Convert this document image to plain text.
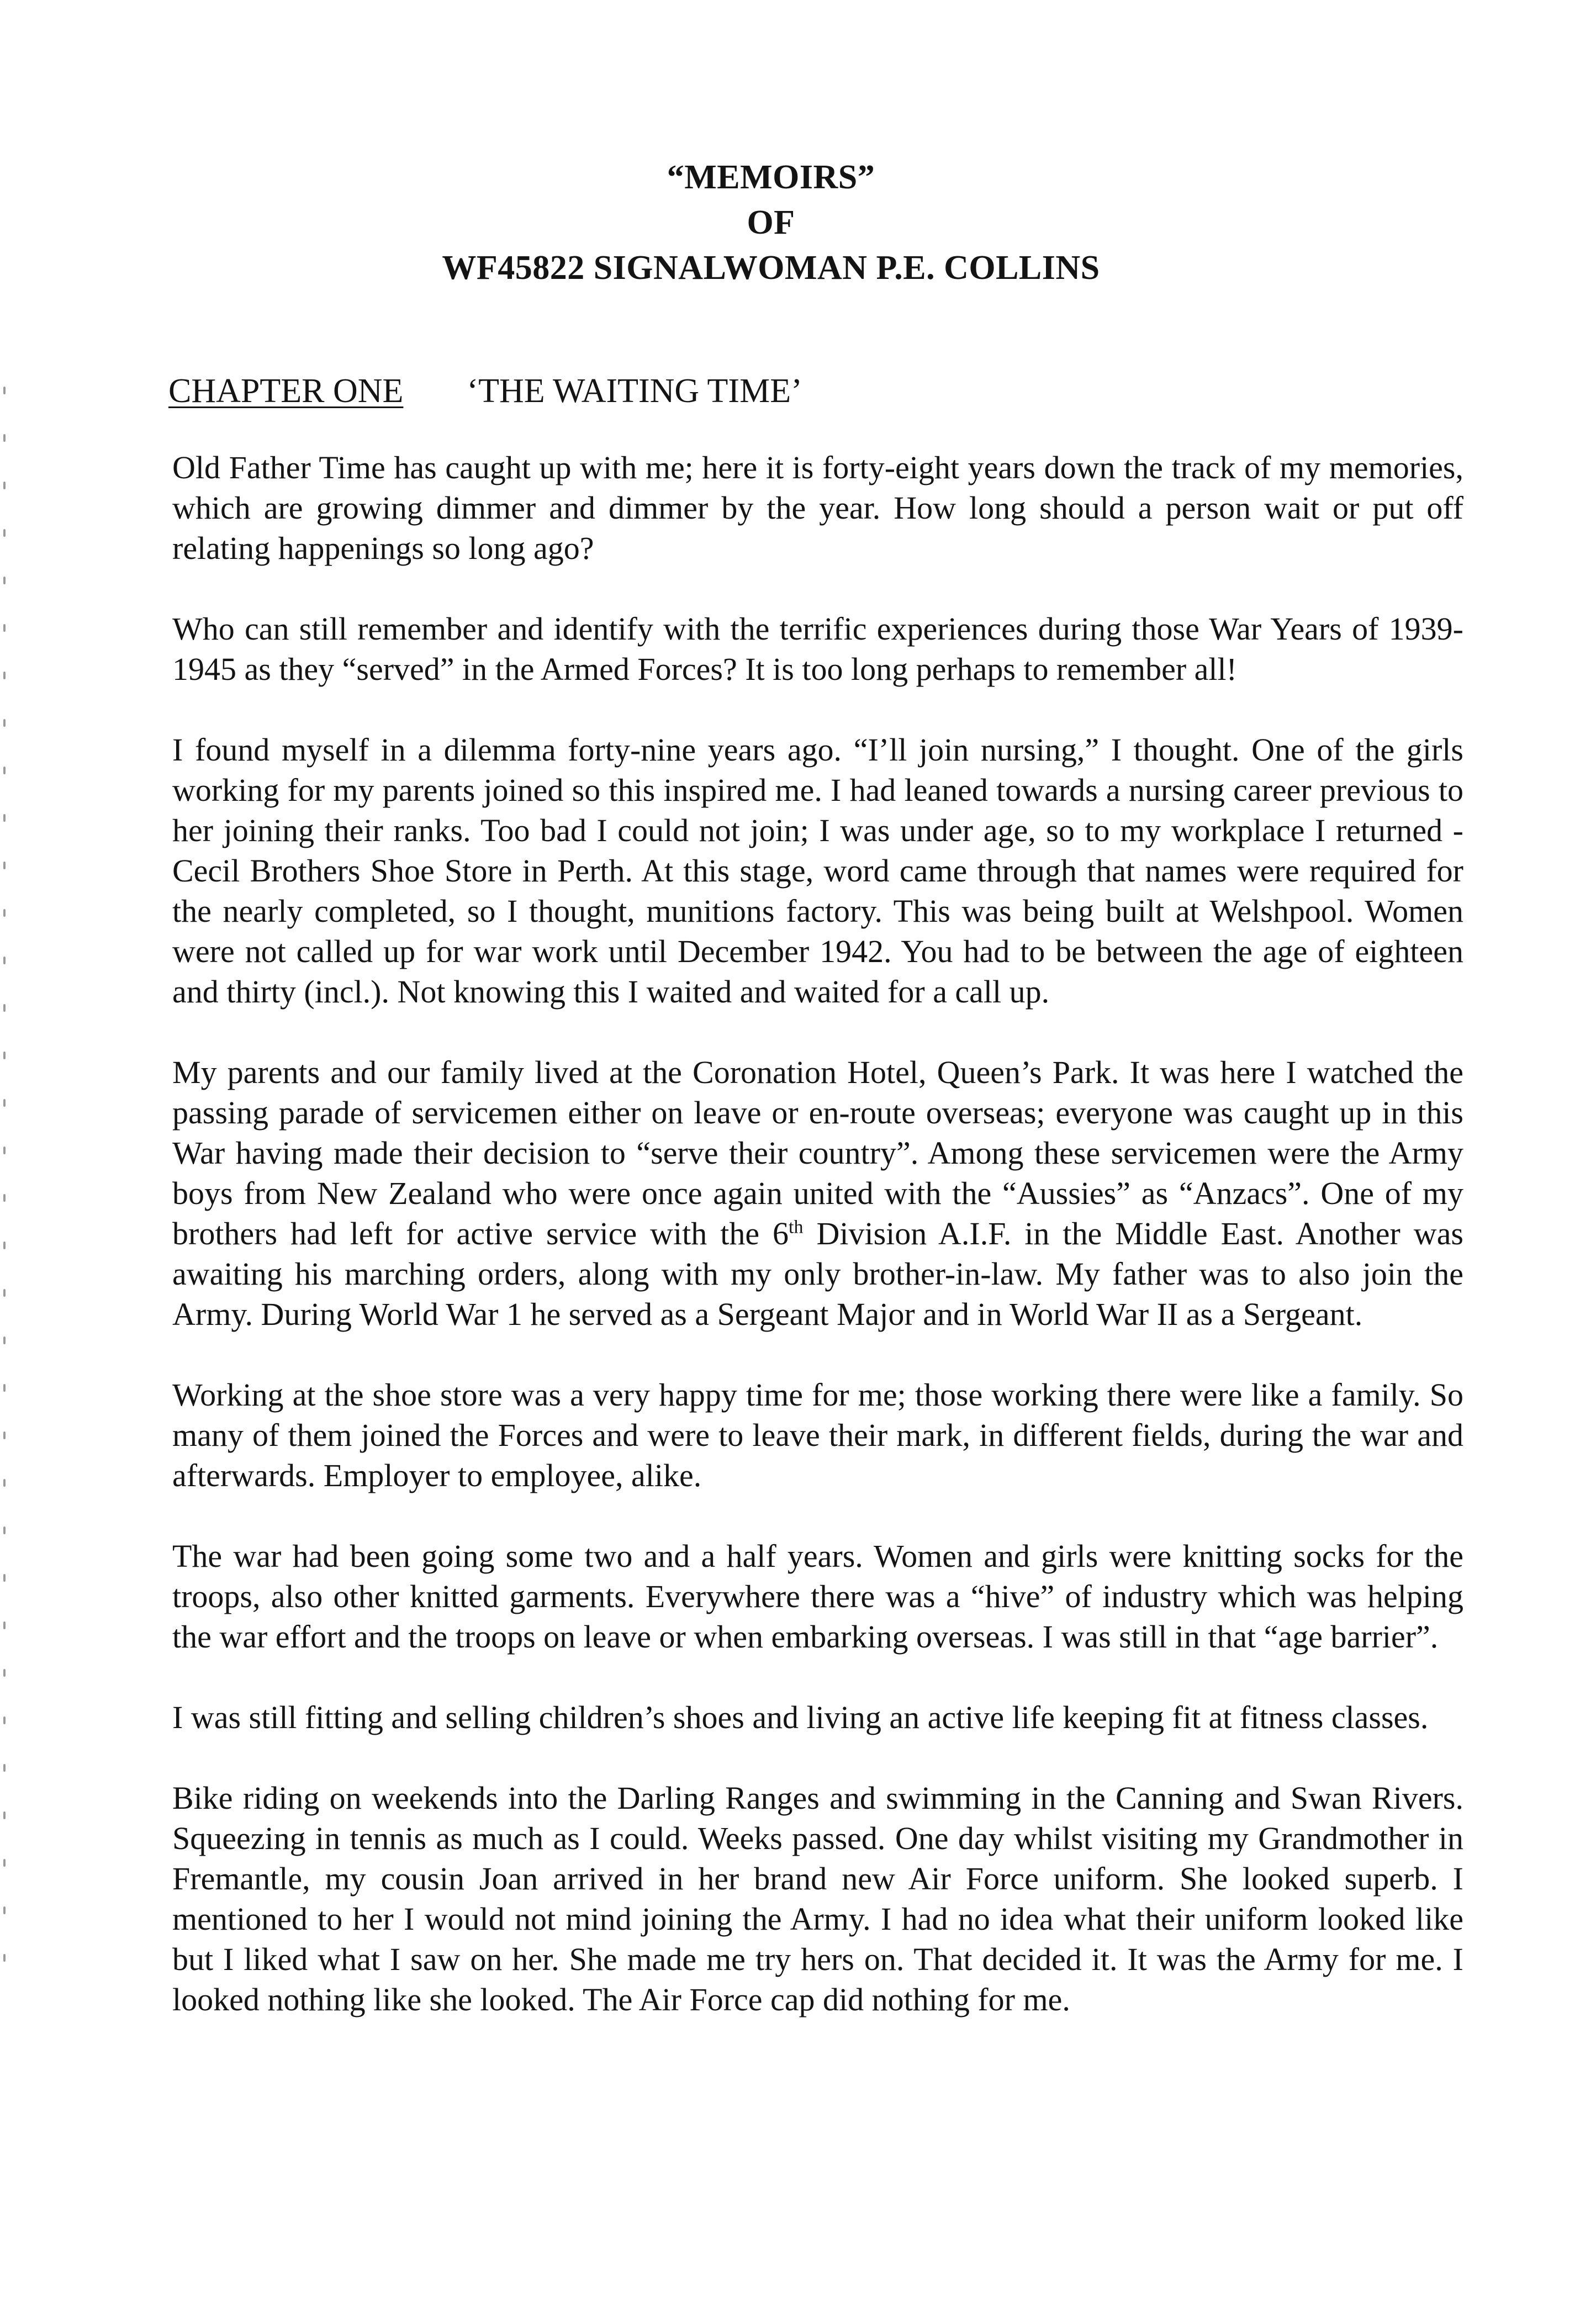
“MEMOIRS”
OF
WF45822 SIGNALWOMAN P.E. COLLINS
CHAPTER ONE ‘THE WAITING TIME’

Old Father Time has caught up with me; here it is forty-eight years down the track of my memories, which are growing dimmer and dimmer by the year. How long should a person wait or put off relating happenings so long ago?

Who can still remember and identify with the terrific experiences during those War Years of 1939-1945 as they “served” in the Armed Forces? It is too long perhaps to remember all!

I found myself in a dilemma forty-nine years ago. “I’ll join nursing,” I thought. One of the girls working for my parents joined so this inspired me. I had leaned towards a nursing career previous to her joining their ranks. Too bad I could not join; I was under age, so to my workplace I returned - Cecil Brothers Shoe Store in Perth. At this stage, word came through that names were required for the nearly completed, so I thought, munitions factory. This was being built at Welshpool. Women were not called up for war work until December 1942. You had to be between the age of eighteen and thirty (incl.). Not knowing this I waited and waited for a call up.

My parents and our family lived at the Coronation Hotel, Queen’s Park. It was here I watched the passing parade of servicemen either on leave or en-route overseas; everyone was caught up in this War having made their decision to “serve their country”. Among these servicemen were the Army boys from New Zealand who were once again united with the “Aussies” as “Anzacs”. One of my brothers had left for active service with the 6th Division A.I.F. in the Middle East. Another was awaiting his marching orders, along with my only brother-in-law. My father was to also join the Army. During World War 1 he served as a Sergeant Major and in World War II as a Sergeant.

Working at the shoe store was a very happy time for me; those working there were like a family. So many of them joined the Forces and were to leave their mark, in different fields, during the war and afterwards. Employer to employee, alike.

The war had been going some two and a half years. Women and girls were knitting socks for the troops, also other knitted garments. Everywhere there was a “hive” of industry which was helping the war effort and the troops on leave or when embarking overseas. I was still in that “age barrier”.

I was still fitting and selling children’s shoes and living an active life keeping fit at fitness classes.

Bike riding on weekends into the Darling Ranges and swimming in the Canning and Swan Rivers. Squeezing in tennis as much as I could. Weeks passed. One day whilst visiting my Grandmother in Fremantle, my cousin Joan arrived in her brand new Air Force uniform. She looked superb. I mentioned to her I would not mind joining the Army. I had no idea what their uniform looked like but I liked what I saw on her. She made me try hers on. That decided it. It was the Army for me. I looked nothing like she looked. The Air Force cap did nothing for me.
